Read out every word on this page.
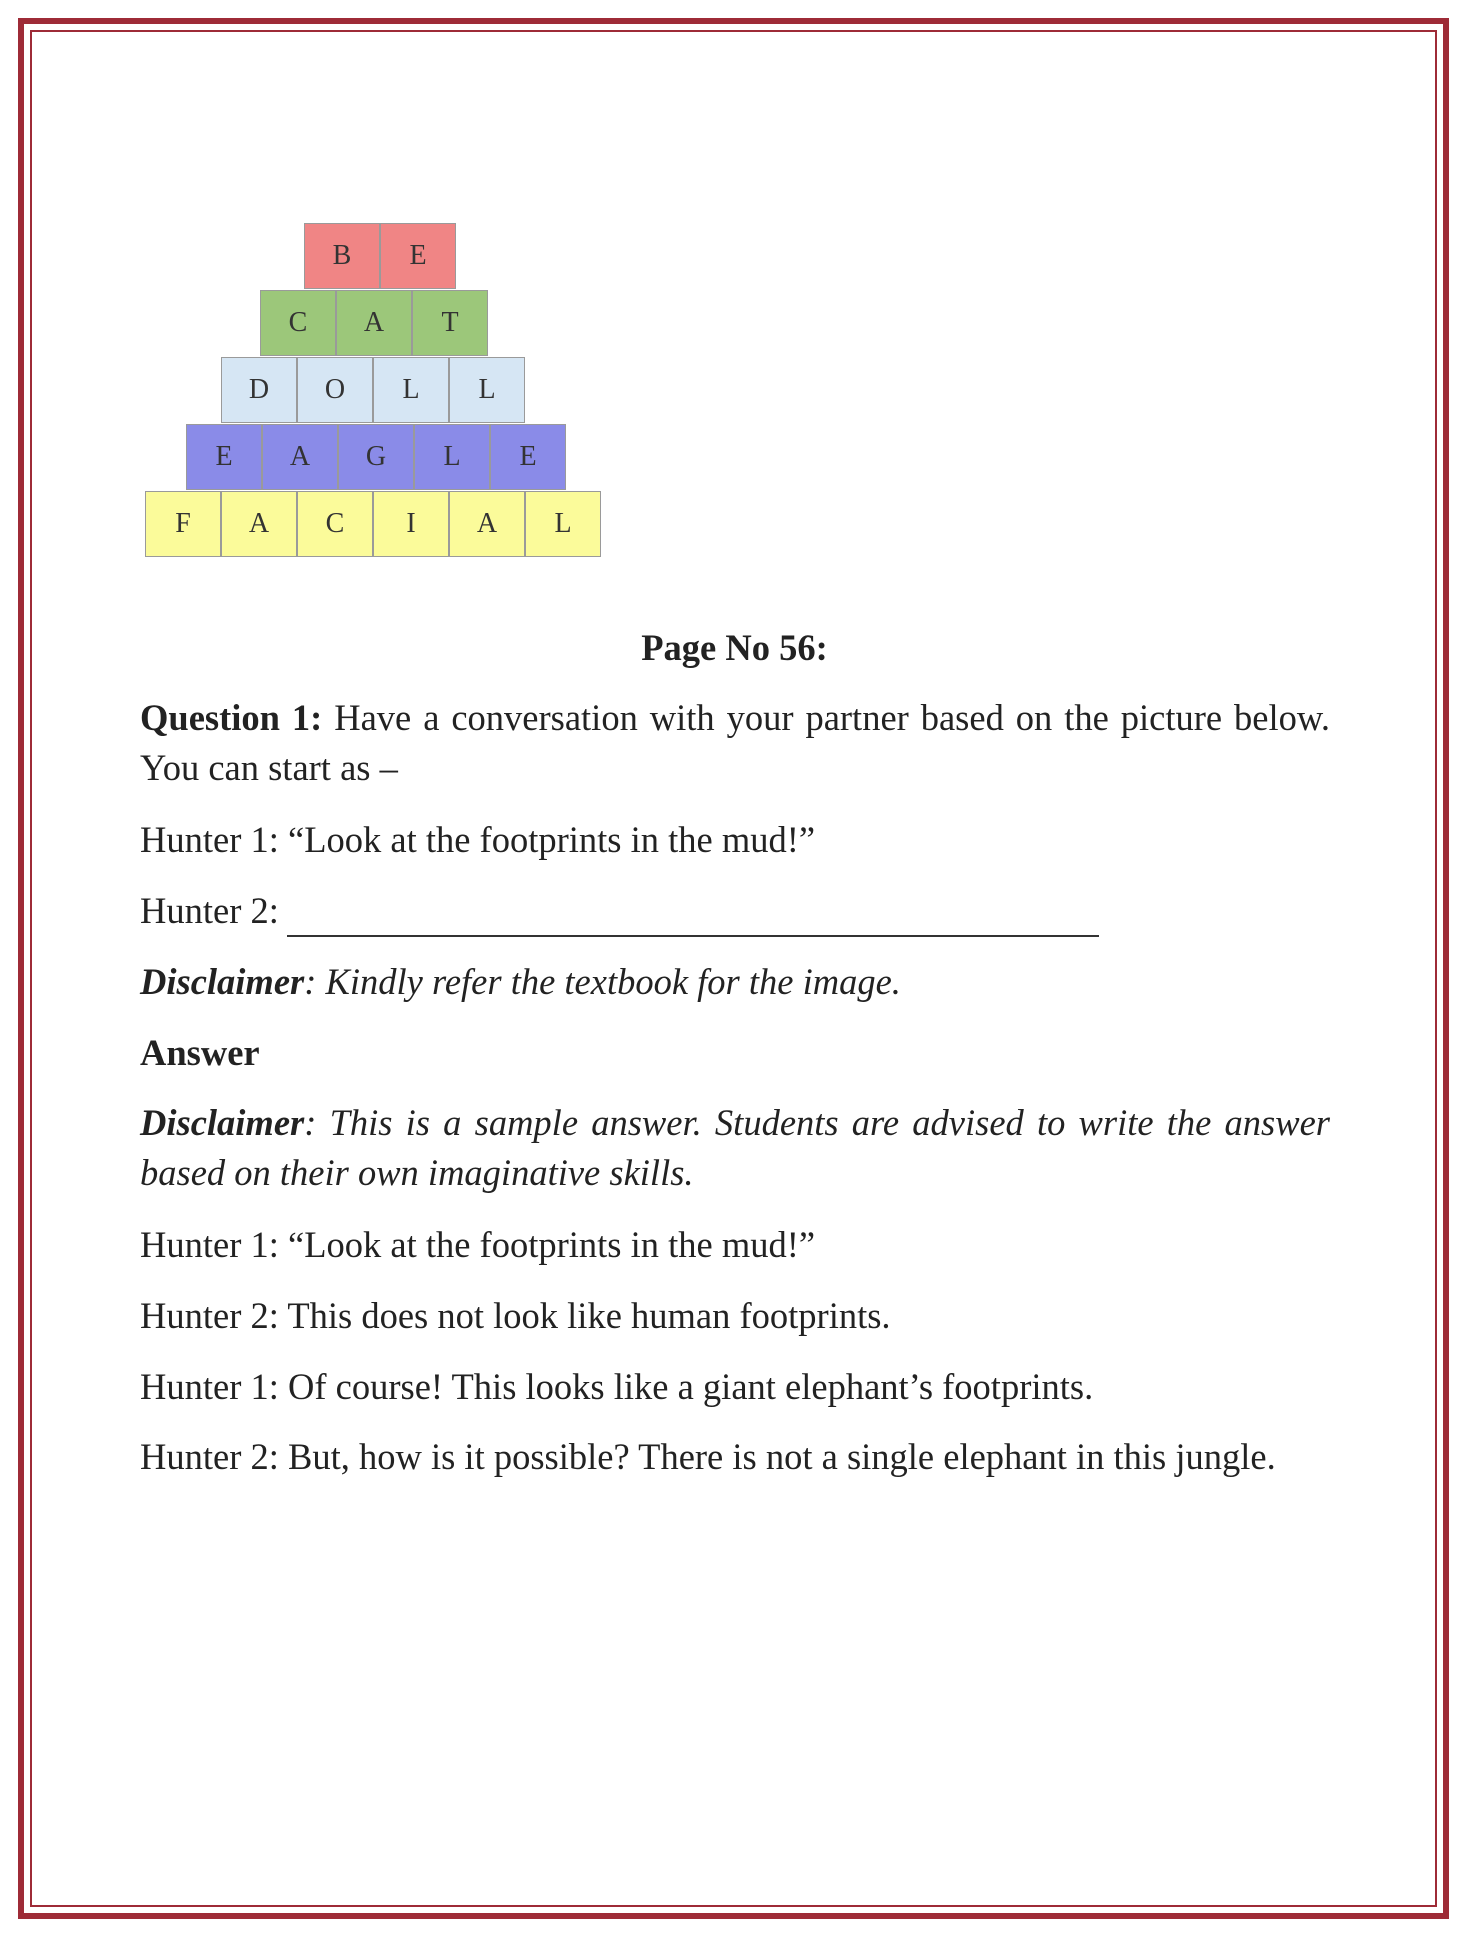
B	E
C	A	T
D	O	L	L
E	A	G	L	E
F	A	C	I	A	L
Page No 56:

Question 1: Have a conversation with your partner based on the picture below. You can start as –

Hunter 1: “Look at the footprints in the mud!”

Hunter 2:

Disclaimer: Kindly refer the textbook for the image.

Answer

Disclaimer: This is a sample answer. Students are advised to write the answer based on their own imaginative skills.

Hunter 1: “Look at the footprints in the mud!”

Hunter 2: This does not look like human footprints.

Hunter 1: Of course! This looks like a giant elephant’s footprints.

Hunter 2: But, how is it possible? There is not a single elephant in this jungle.
